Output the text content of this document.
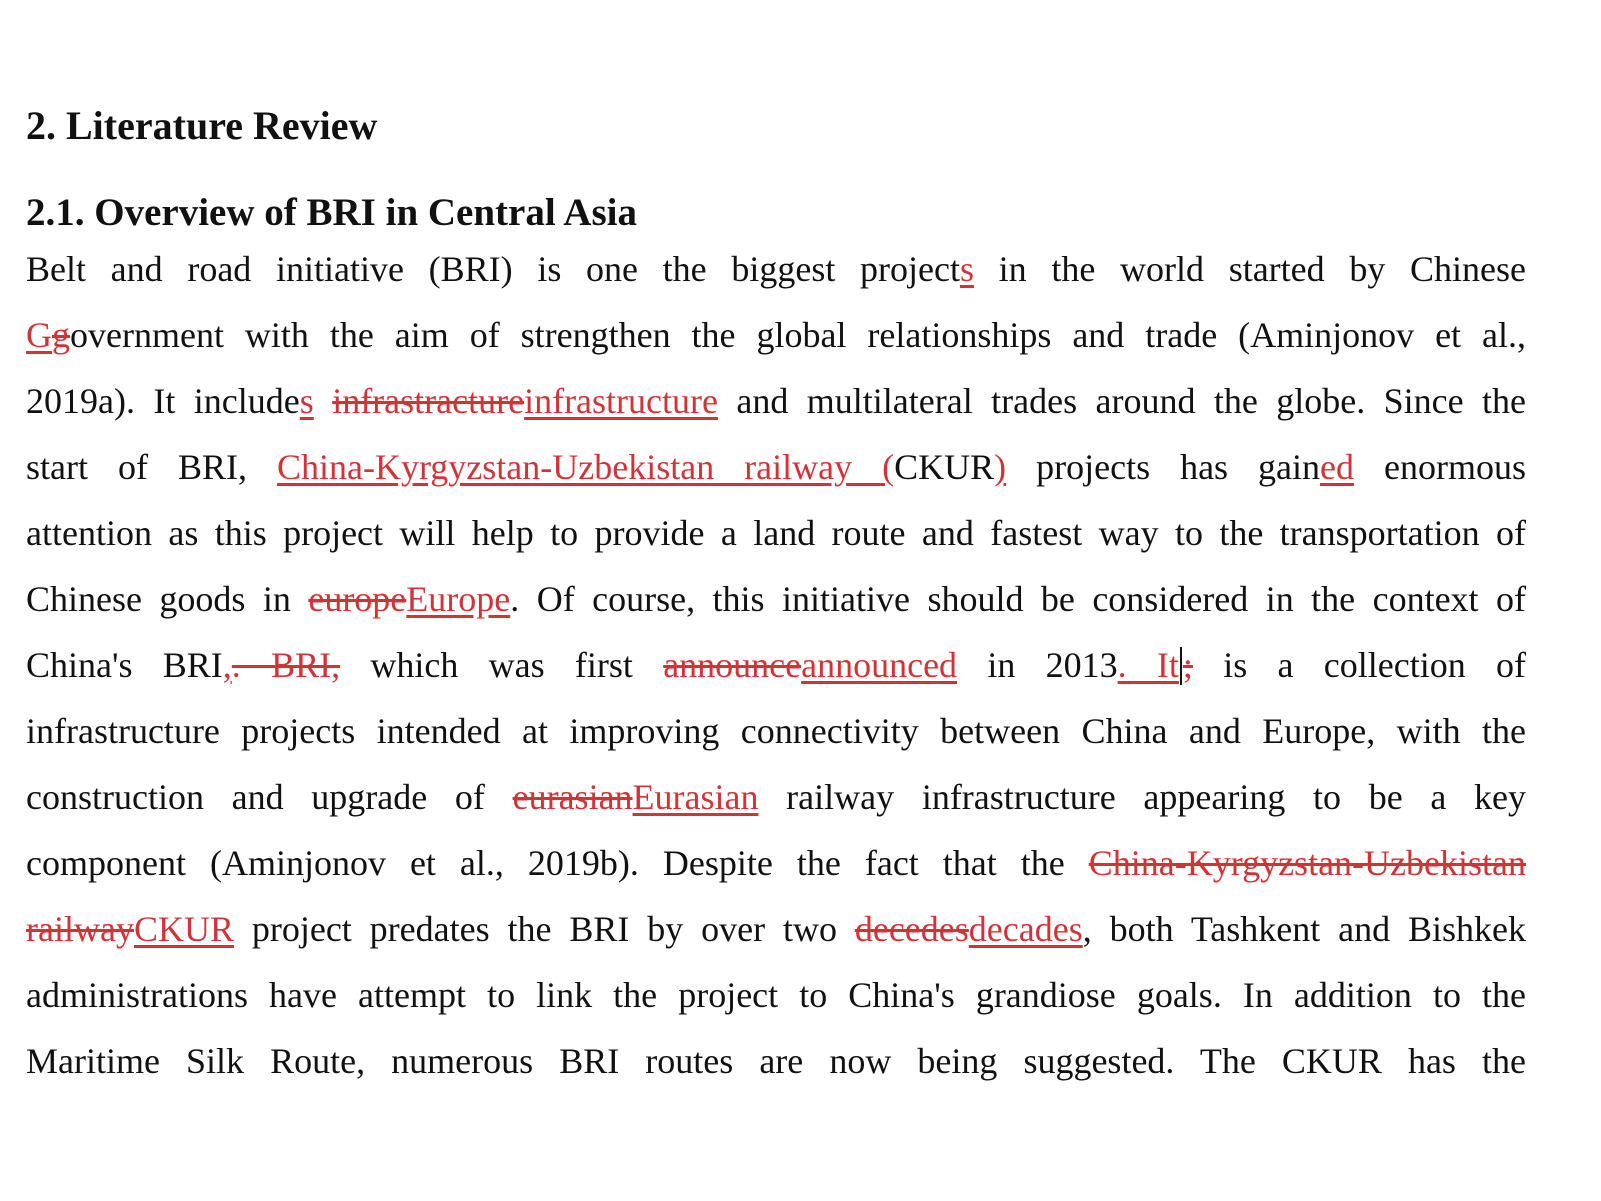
2. Literature Review
2.1. Overview of BRI in Central Asia
Belt and road initiative (BRI) is one the biggest projects in the world started by Chinese
Ggovernment with the aim of strengthen the global relationships and trade (Aminjonov et al.,
2019a). It includes infrastractureinfrastructure and multilateral trades around the globe. Since the
start of BRI, China-Kyrgyzstan-Uzbekistan railway (CKUR) projects has gained enormous
attention as this project will help to provide a land route and fastest way to the transportation of
Chinese goods in europeEurope. Of course, this initiative should be considered in the context of
China's BRI,. BRI, which was first announceannounced in 2013. It ; is a collection of
infrastructure projects intended at improving connectivity between China and Europe, with the
construction and upgrade of eurasianEurasian railway infrastructure appearing to be a key
component (Aminjonov et al., 2019b). Despite the fact that the China-Kyrgyzstan-Uzbekistan
railwayCKUR project predates the BRI by over two decedesdecades, both Tashkent and Bishkek
administrations have attempt to link the project to China's grandiose goals. In addition to the
Maritime Silk Route, numerous BRI routes are now being suggested. The CKUR has the
